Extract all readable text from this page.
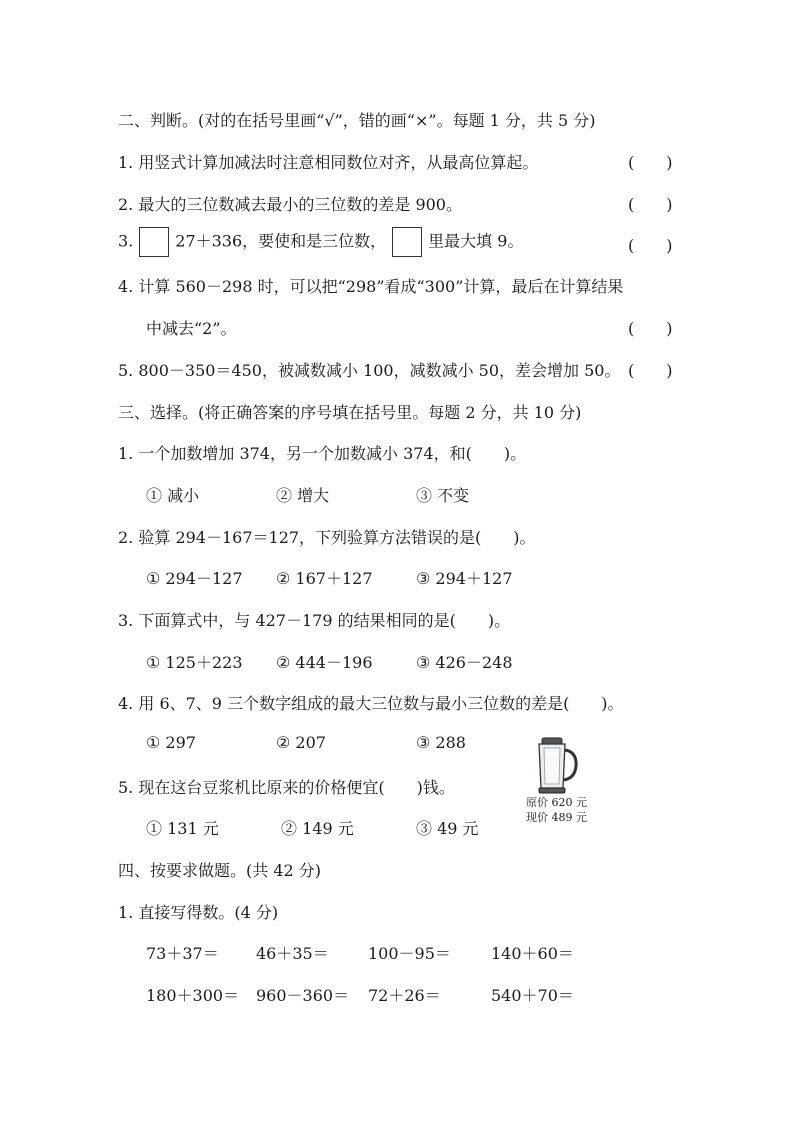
二、判断。(对的在括号里画“√”，错的画“×”。每题 1 分，共 5 分)
1. 用竖式计算加减法时注意相同数位对齐，从最高位算起。	(　　)
2. 最大的三位数减去最小的三位数的差是 900。	(　　)
3.	27＋336，要使和是三位数，	里最大填 9。	(　　)
4. 计算 560－298 时，可以把“298”看成“300”计算，最后在计算结果
中减去“2”。	(　　)
5. 800－350＝450，被减数减小 100，减数减小 50，差会增加 50。 (　　)
三、选择。(将正确答案的序号填在括号里。每题 2 分，共 10 分)
1. 一个加数增加 374，另一个加数减小 374，和(　　)。
① 减小	② 增大	③ 不变
2. 验算 294－167＝127，下列验算方法错误的是(　　)。
① 294－127 ② 167＋127	③ 294＋127
3. 下面算式中，与 427－179 的结果相同的是(　　)。
① 125＋223 ② 444－196	③ 426－248
4. 用 6、7、9 三个数字组成的最大三位数与最小三位数的差是(　　)。
① 297	② 207	③ 288
5. 现在这台豆浆机比原来的价格便宜(　　)钱。
① 131 元	② 149 元	③ 49 元
原价 620 元
现价 489 元
四、按要求做题。(共 42 分)
1. 直接写得数。(4 分)
73＋37＝ 46＋35＝ 100－95＝	140＋60＝
180＋300＝ 960－360＝ 72＋26＝	540＋70＝
